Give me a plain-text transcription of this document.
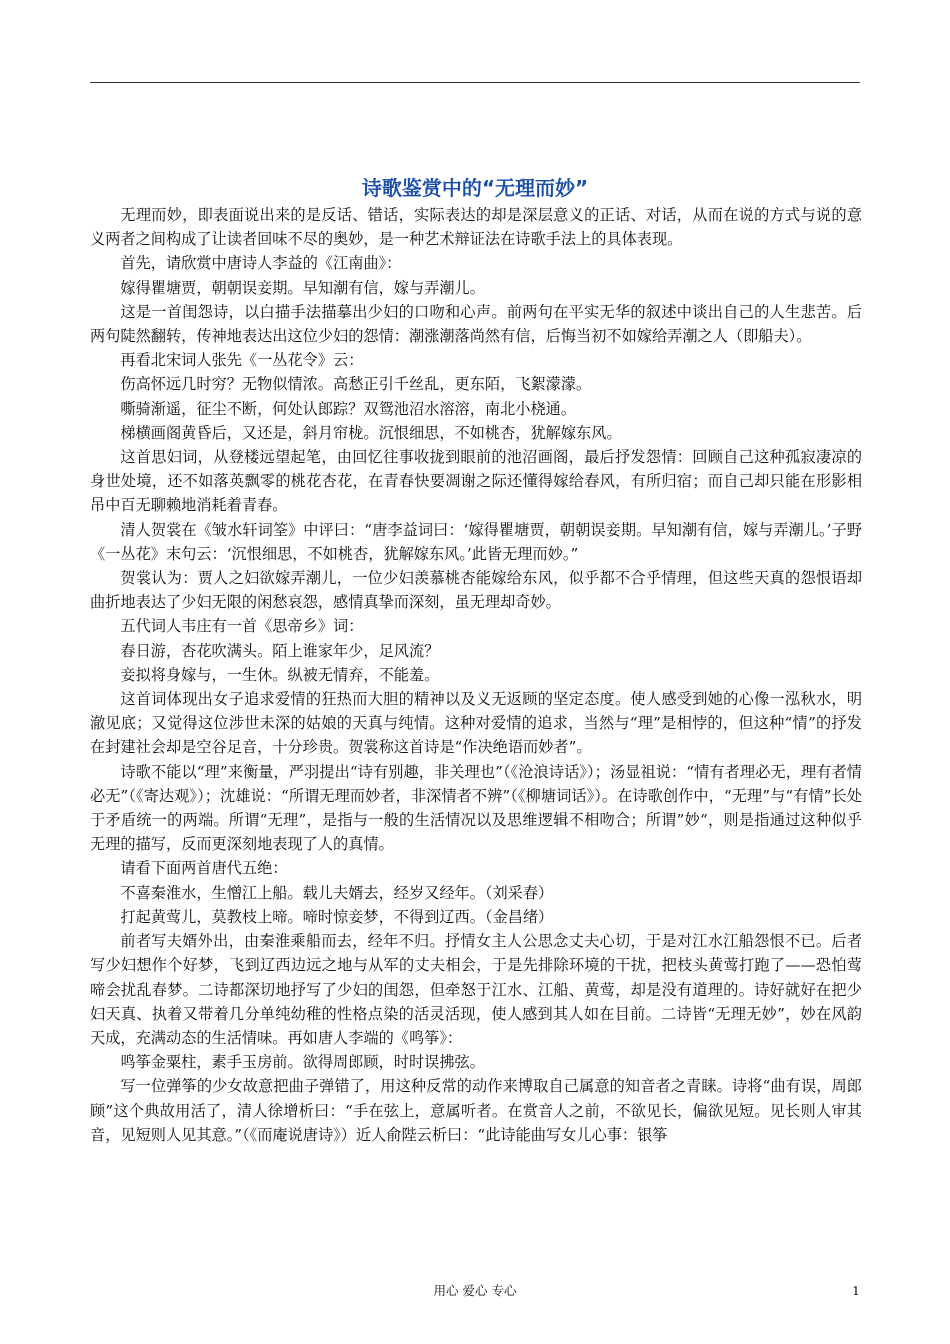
诗歌鉴赏中的“无理而妙”

无理而妙，即表面说出来的是反话、错话，实际表达的却是深层意义的正话、对话，从而在说的方式与说的意义两者之间构成了让读者回味不尽的奥妙，是一种艺术辩证法在诗歌手法上的具体表现。

首先，请欣赏中唐诗人李益的《江南曲》：

嫁得瞿塘贾，朝朝误妾期。早知潮有信，嫁与弄潮儿。

这是一首闺怨诗，以白描手法描摹出少妇的口吻和心声。前两句在平实无华的叙述中谈出自己的人生悲苦。后两句陡然翻转，传神地表达出这位少妇的怨情：潮涨潮落尚然有信，后悔当初不如嫁给弄潮之人（即船夫）。

再看北宋词人张先《一丛花令》云：

伤高怀远几时穷？无物似情浓。高愁正引千丝乱，更东陌，飞絮濛濛。

嘶骑渐遥，征尘不断，何处认郎踪？双鸳池沼水溶溶，南北小桡通。

梯横画阁黄昏后，又还是，斜月帘栊。沉恨细思，不如桃杏，犹解嫁东风。

这首思妇词，从登楼远望起笔，由回忆往事收拢到眼前的池沼画阁，最后抒发怨情：回顾自己这种孤寂凄凉的身世处境，还不如落英飘零的桃花杏花，在青春快要凋谢之际还懂得嫁给春风，有所归宿；而自己却只能在形影相吊中百无聊赖地消耗着青春。

清人贺裳在《皱水轩词筌》中评曰：“唐李益词曰：‘嫁得瞿塘贾，朝朝误妾期。早知潮有信，嫁与弄潮儿。’子野《一丛花》末句云：‘沉恨细思，不如桃杏，犹解嫁东风。’此皆无理而妙。”

贺裳认为：贾人之妇欲嫁弄潮儿，一位少妇羡慕桃杏能嫁给东风，似乎都不合乎情理，但这些天真的怨恨语却曲折地表达了少妇无限的闲愁哀怨，感情真挚而深刻，虽无理却奇妙。

五代词人韦庄有一首《思帝乡》词：

春日游，杏花吹满头。陌上谁家年少，足风流？

妾拟将身嫁与，一生休。纵被无情弃，不能羞。

这首词体现出女子追求爱情的狂热而大胆的精神以及义无返顾的坚定态度。使人感受到她的心像一泓秋水，明澈见底；又觉得这位涉世未深的姑娘的天真与纯情。这种对爱情的追求，当然与“理”是相悖的，但这种“情”的抒发在封建社会却是空谷足音，十分珍贵。贺裳称这首诗是“作决绝语而妙者”。

诗歌不能以“理”来衡量，严羽提出“诗有别趣，非关理也”（《沧浪诗话》）；汤显祖说：“情有者理必无，理有者情必无”（《寄达观》）；沈雄说：“所谓无理而妙者，非深情者不辨”（《柳塘词话》）。在诗歌创作中，“无理”与“有情”长处于矛盾统一的两端。所谓“无理”，是指与一般的生活情况以及思维逻辑不相吻合；所谓”妙“，则是指通过这种似乎无理的描写，反而更深刻地表现了人的真情。

请看下面两首唐代五绝：

不喜秦淮水，生憎江上船。载儿夫婿去，经岁又经年。（刘采春）

打起黄莺儿，莫教枝上啼。啼时惊妾梦，不得到辽西。（金昌绪）

前者写夫婿外出，由秦淮乘船而去，经年不归。抒情女主人公思念丈夫心切，于是对江水江船怨恨不已。后者写少妇想作个好梦，飞到辽西边远之地与从军的丈夫相会，于是先排除环境的干扰，把枝头黄莺打跑了——恐怕莺啼会扰乱春梦。二诗都深切地抒写了少妇的闺怨，但牵怒于江水、江船、黄莺，却是没有道理的。诗好就好在把少妇天真、执着又带着几分单纯幼稚的性格点染的活灵活现，使人感到其人如在目前。二诗皆“无理无妙”，妙在风韵天成，充满动态的生活情味。再如唐人李端的《鸣筝》：

鸣筝金粟柱，素手玉房前。欲得周郎顾，时时误拂弦。

写一位弹筝的少女故意把曲子弹错了，用这种反常的动作来博取自己属意的知音者之青睐。诗将“曲有误，周郎顾”这个典故用活了，清人徐增析曰：“手在弦上，意属听者。在赏音人之前，不欲见长，偏欲见短。见长则人审其音，见短则人见其意。”（《而庵说唐诗》）近人俞陛云析曰：“此诗能曲写女儿心事：银筝

用心 爱心 专心	1
